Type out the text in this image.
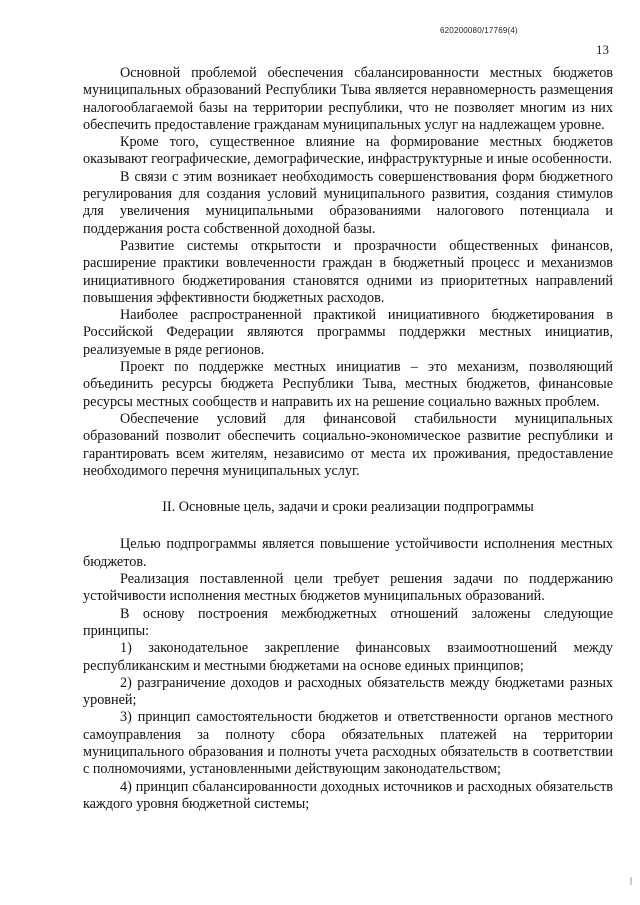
620200080/17769(4)
13

Основной проблемой обеспечения сбалансированности местных бюджетов муниципальных образований Республики Тыва является неравномерность размещения налогооблагаемой базы на территории республики, что не позволяет многим из них обеспечить предоставление гражданам муниципальных услуг на надлежащем уровне.

Кроме того, существенное влияние на формирование местных бюджетов оказывают географические, демографические, инфраструктурные и иные особенности.

В связи с этим возникает необходимость совершенствования форм бюджетного регулирования для создания условий муниципального развития, создания стимулов для увеличения муниципальными образованиями налогового потенциала и поддержания роста собственной доходной базы.

Развитие системы открытости и прозрачности общественных финансов, расширение практики вовлеченности граждан в бюджетный процесс и механизмов инициативного бюджетирования становятся одними из приоритетных направлений повышения эффективности бюджетных расходов.

Наиболее распространенной практикой инициативного бюджетирования в Российской Федерации являются программы поддержки местных инициатив, реализуемые в ряде регионов.

Проект по поддержке местных инициатив – это механизм, позволяющий объединить ресурсы бюджета Республики Тыва, местных бюджетов, финансовые ресурсы местных сообществ и направить их на решение социально важных проблем.

Обеспечение условий для финансовой стабильности муниципальных образований позволит обеспечить социально-экономическое развитие республики и гарантировать всем жителям, независимо от места их проживания, предоставление необходимого перечня муниципальных услуг.

II. Основные цель, задачи и сроки реализации подпрограммы

Целью подпрограммы является повышение устойчивости исполнения местных бюджетов.

Реализация поставленной цели требует решения задачи по поддержанию устойчивости исполнения местных бюджетов муниципальных образований.

В основу построения межбюджетных отношений заложены следующие принципы:

1) законодательное закрепление финансовых взаимоотношений между республиканским и местными бюджетами на основе единых принципов;

2) разграничение доходов и расходных обязательств между бюджетами разных уровней;

3) принцип самостоятельности бюджетов и ответственности органов местного самоуправления за полноту сбора обязательных платежей на территории муниципального образования и полноты учета расходных обязательств в соответствии с полномочиями, установленными действующим законодательством;

4) принцип сбалансированности доходных источников и расходных обязательств каждого уровня бюджетной системы;
